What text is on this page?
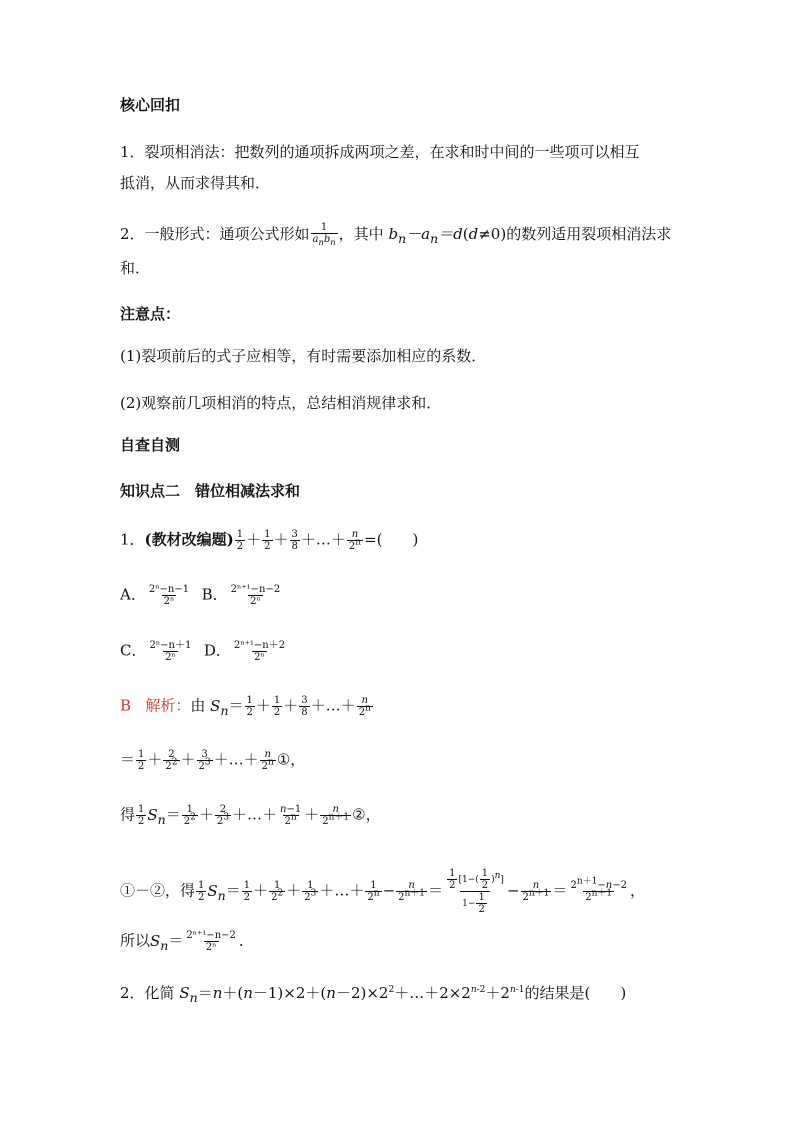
核心回扣
1．裂项相消法：把数列的通项拆成两项之差，在求和时中间的一些项可以相互
抵消，从而求得其和．
2．一般形式：通项公式形如 $\frac{1}{a_nb_n}$ ，其中 $b_n-a_n=d(d\ne 0)$的数列适用裂项相消法求
和．
注意点：
(1)裂项前后的式子应相等，有时需要添加相应的系数．
(2)观察前几项相消的特点，总结相消规律求和．
自查自测
知识点二　错位相减法求和
1．(教材改编题) $\frac{1}{2} + \frac{1}{2} + \frac{3}{8}$ ＋…＋ $\frac{n}{2n}$ =(　　)
A． $\frac{\text{2ⁿ−n−1}}{\text{2ⁿ}}$ B． $\frac{\text{2ⁿ⁺¹−n−2}}{\text{2ⁿ}}$
C． $\frac{\text{2ⁿ−n＋1}}{\text{2ⁿ}}$ D． $\frac{\text{2ⁿ⁺¹−n＋2}}{\text{2ⁿ}}$
B 解析：由 $S_n= \frac{1}{2} + \frac{1}{2} + \frac{3}{8}$ ＋…＋ $\frac{n}{2n}$
＝ $\frac{1}{2} + \frac{2}{22} + \frac{3}{23}$ ＋…＋ $\frac{n}{2n}$ ①，
得 $\frac{1}{2} S_n= \frac{1}{22} + \frac{2}{23}$ ＋…＋ $\frac{n-1}{2n} + \frac{n}{2n+1}$ ②，
①－②，得 $\frac{1}{2} S_n= \frac{1}{2} + \frac{1}{22} + \frac{1}{23}$ ＋…＋ $\frac{1}{2n} - \frac{n}{2n+1} = \frac{\frac{1}{2} [1-( \frac{1}{2} )n]}{1- \frac{1}{2}} - \frac{n}{2n+1} = \frac{2n+1-n-2}{2n+1}$ ，
所以$S_n= \frac{\text{2ⁿ⁺¹−n−2}}{\text{2ⁿ}}$ ．
2．化简 $S_n=n+(n-1)\times 2+(n-2)\times 2^2+\dots+2\times 2^{n-2}+2^{n-1}$的结果是(　　)
